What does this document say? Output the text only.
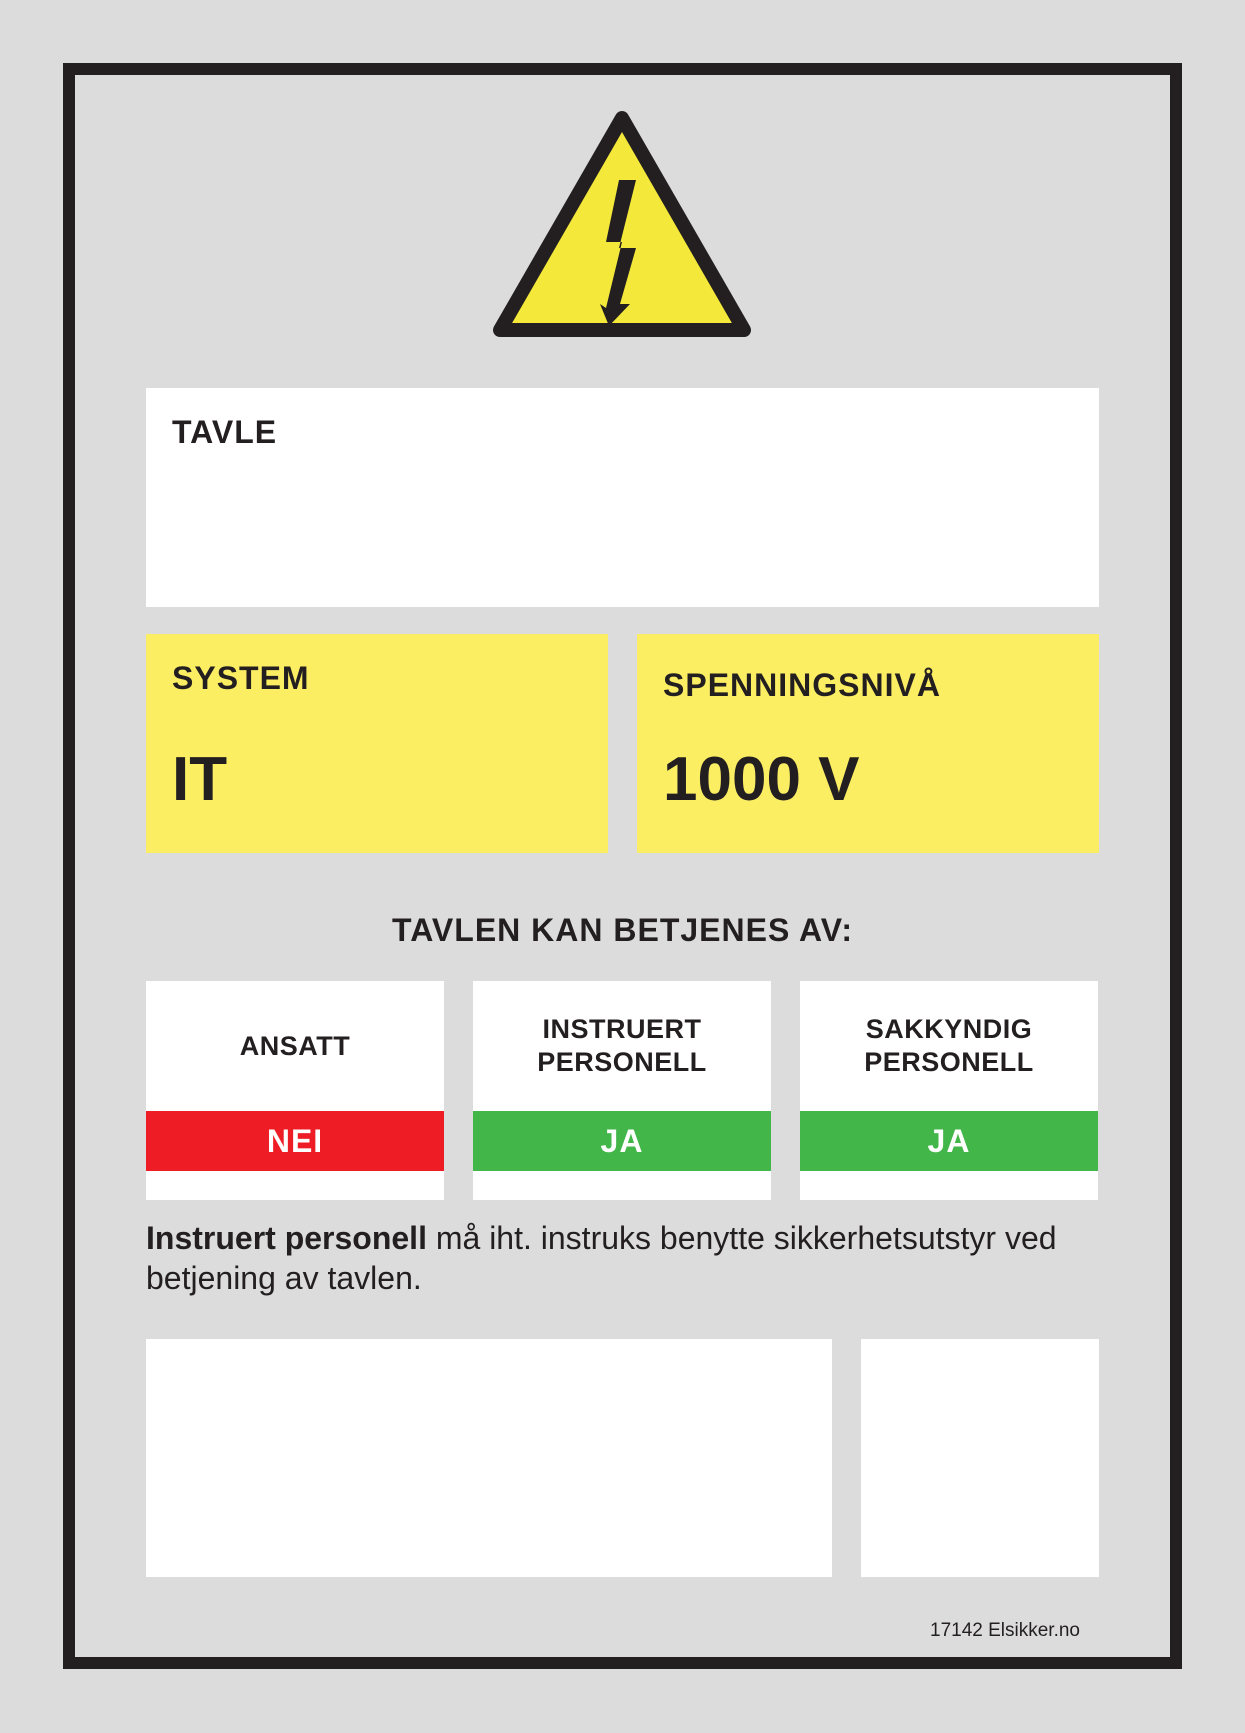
TAVLE
SYSTEM
IT
SPENNINGSNIVÅ
1000 V
TAVLEN KAN BETJENES AV:
ANSATT
NEI
INSTRUERT
PERSONELL
JA
SAKKYNDIG
PERSONELL
JA
Instruert personell må iht. instruks benytte sikkerhetsutstyr ved betjening av tavlen.
17142 Elsikker.no
